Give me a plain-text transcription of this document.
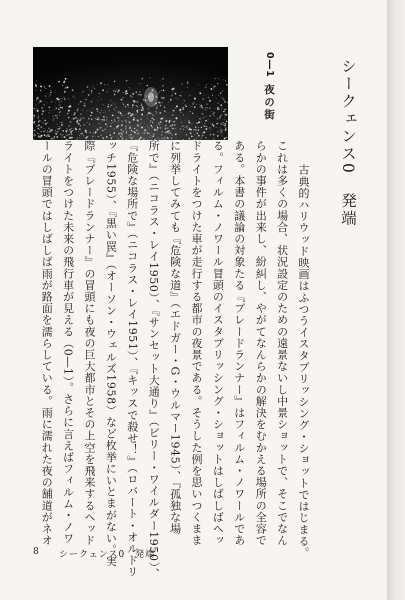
シークェンス0　発端
0―1
夜の街
古典的ハリウッド映画はふつうイスタブリッシング・ショットではじまる。
これは多くの場合、状況設定のための遠景ないし中景ショットで、そこでなん
らかの事件が出来し、紛糾し、やがてなんらかの解決をむかえる場所の全容で
ある。本書の議論の対象たる『ブレードランナー』はフィルム・ノワールであ
る。フィルム・ノワール冒頭のイスタブリッシング・ショットはしばしばヘッ
ドライトをつけた車が走行する都市の夜景である。そうした例を思いつくまま
に列挙してみても『危険な道』（エドガー・G・ウルマー1945）、『孤独な場
所で』（ニコラス・レイ1950）、『サンセット大通り』（ビリー・ワイルダー1950）、
『危険な場所で』（ニコラス・レイ1951）、『キッスで殺せ！』（ロバート・オルドリ
ッチ1955）、『黒い罠』（オーソン・ウェルズ1958）など枚挙にいとまがない。実
際『ブレードランナー』の冒頭にも夜の巨大都市とその上空を飛来するヘッド
ライトをつけた未来の飛行車が見える（0―1）。さらに言えばフィルム・ノワ
ールの冒頭ではしばしば雨が路面を濡らしている。雨に濡れた夜の舗道がネオ
8 シークェンス0　発端
